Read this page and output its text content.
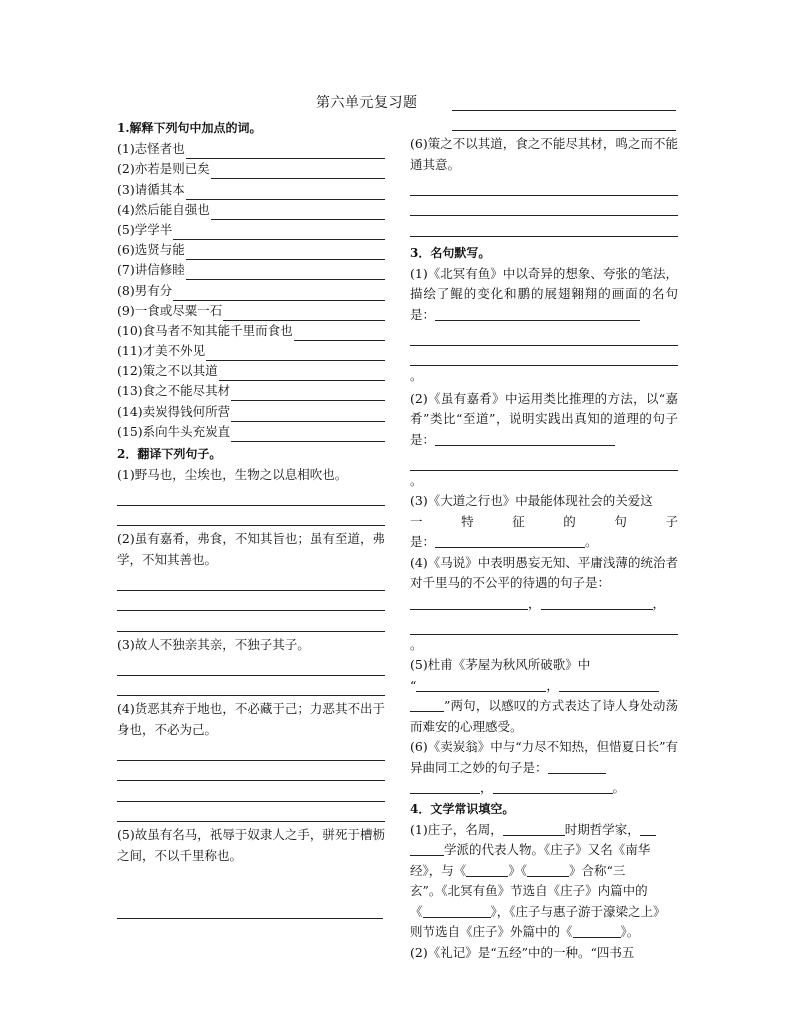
第六单元复习题
1.解释下列句中加点的词。
(1)志怪者也
(2)亦若是则已矣
(3)请循其本
(4)然后能自强也
(5)学学半
(6)选贤与能
(7)讲信修睦
(8)男有分
(9)一食或尽粟一石
(10)食马者不知其能千里而食也
(11)才美不外见
(12)策之不以其道
(13)食之不能尽其材
(14)卖炭得钱何所营
(15)系向牛头充炭直
2．翻译下列句子。
(1)野马也，尘埃也，生物之以息相吹也。
(2)虽有嘉肴，弗食，不知其旨也；虽有至道，弗学，不知其善也。
(3)故人不独亲其亲，不独子其子。
(4)货恶其弃于地也，不必藏于己；力恶其不出于身也，不必为己。
(5)故虽有名马，祇辱于奴隶人之手，骈死于槽枥之间，不以千里称也。
(6)策之不以其道，食之不能尽其材，鸣之而不能通其意。
3．名句默写。
(1)《北冥有鱼》中以奇异的想象、夸张的笔法，描绘了鲲的变化和鹏的展翅翱翔的画面的名句是：
。
(2)《虽有嘉肴》中运用类比推理的方法，以“嘉肴”类比“至道”，说明实践出真知的道理的句子是：
。
(3)《大道之行也》中最能体现社会的关爱这
一	特	征	的	句	子
是：	。
(4)《马说》中表明愚妄无知、平庸浅薄的统治者对千里马的不公平的待遇的句子是：
，	，
。
(5)杜甫《茅屋为秋风所破歌》中
“	，
”两句，以感叹的方式表达了诗人身处动荡而难安的心理感受。
(6)《卖炭翁》中与“力尽不知热，但惜夏日长”有异曲同工之妙的句子是：
，	。
4．文学常识填空。
(1)庄子，名周，	时期哲学家，
学派的代表人物。《庄子》又名《南华
经》，与《	》《	》合称“三
玄”。《北冥有鱼》节选自《庄子》内篇中的
《	》，《庄子与惠子游于濠梁之上》
则节选自《庄子》外篇中的《	》。
(2)《礼记》是“五经”中的一种。“四书五
